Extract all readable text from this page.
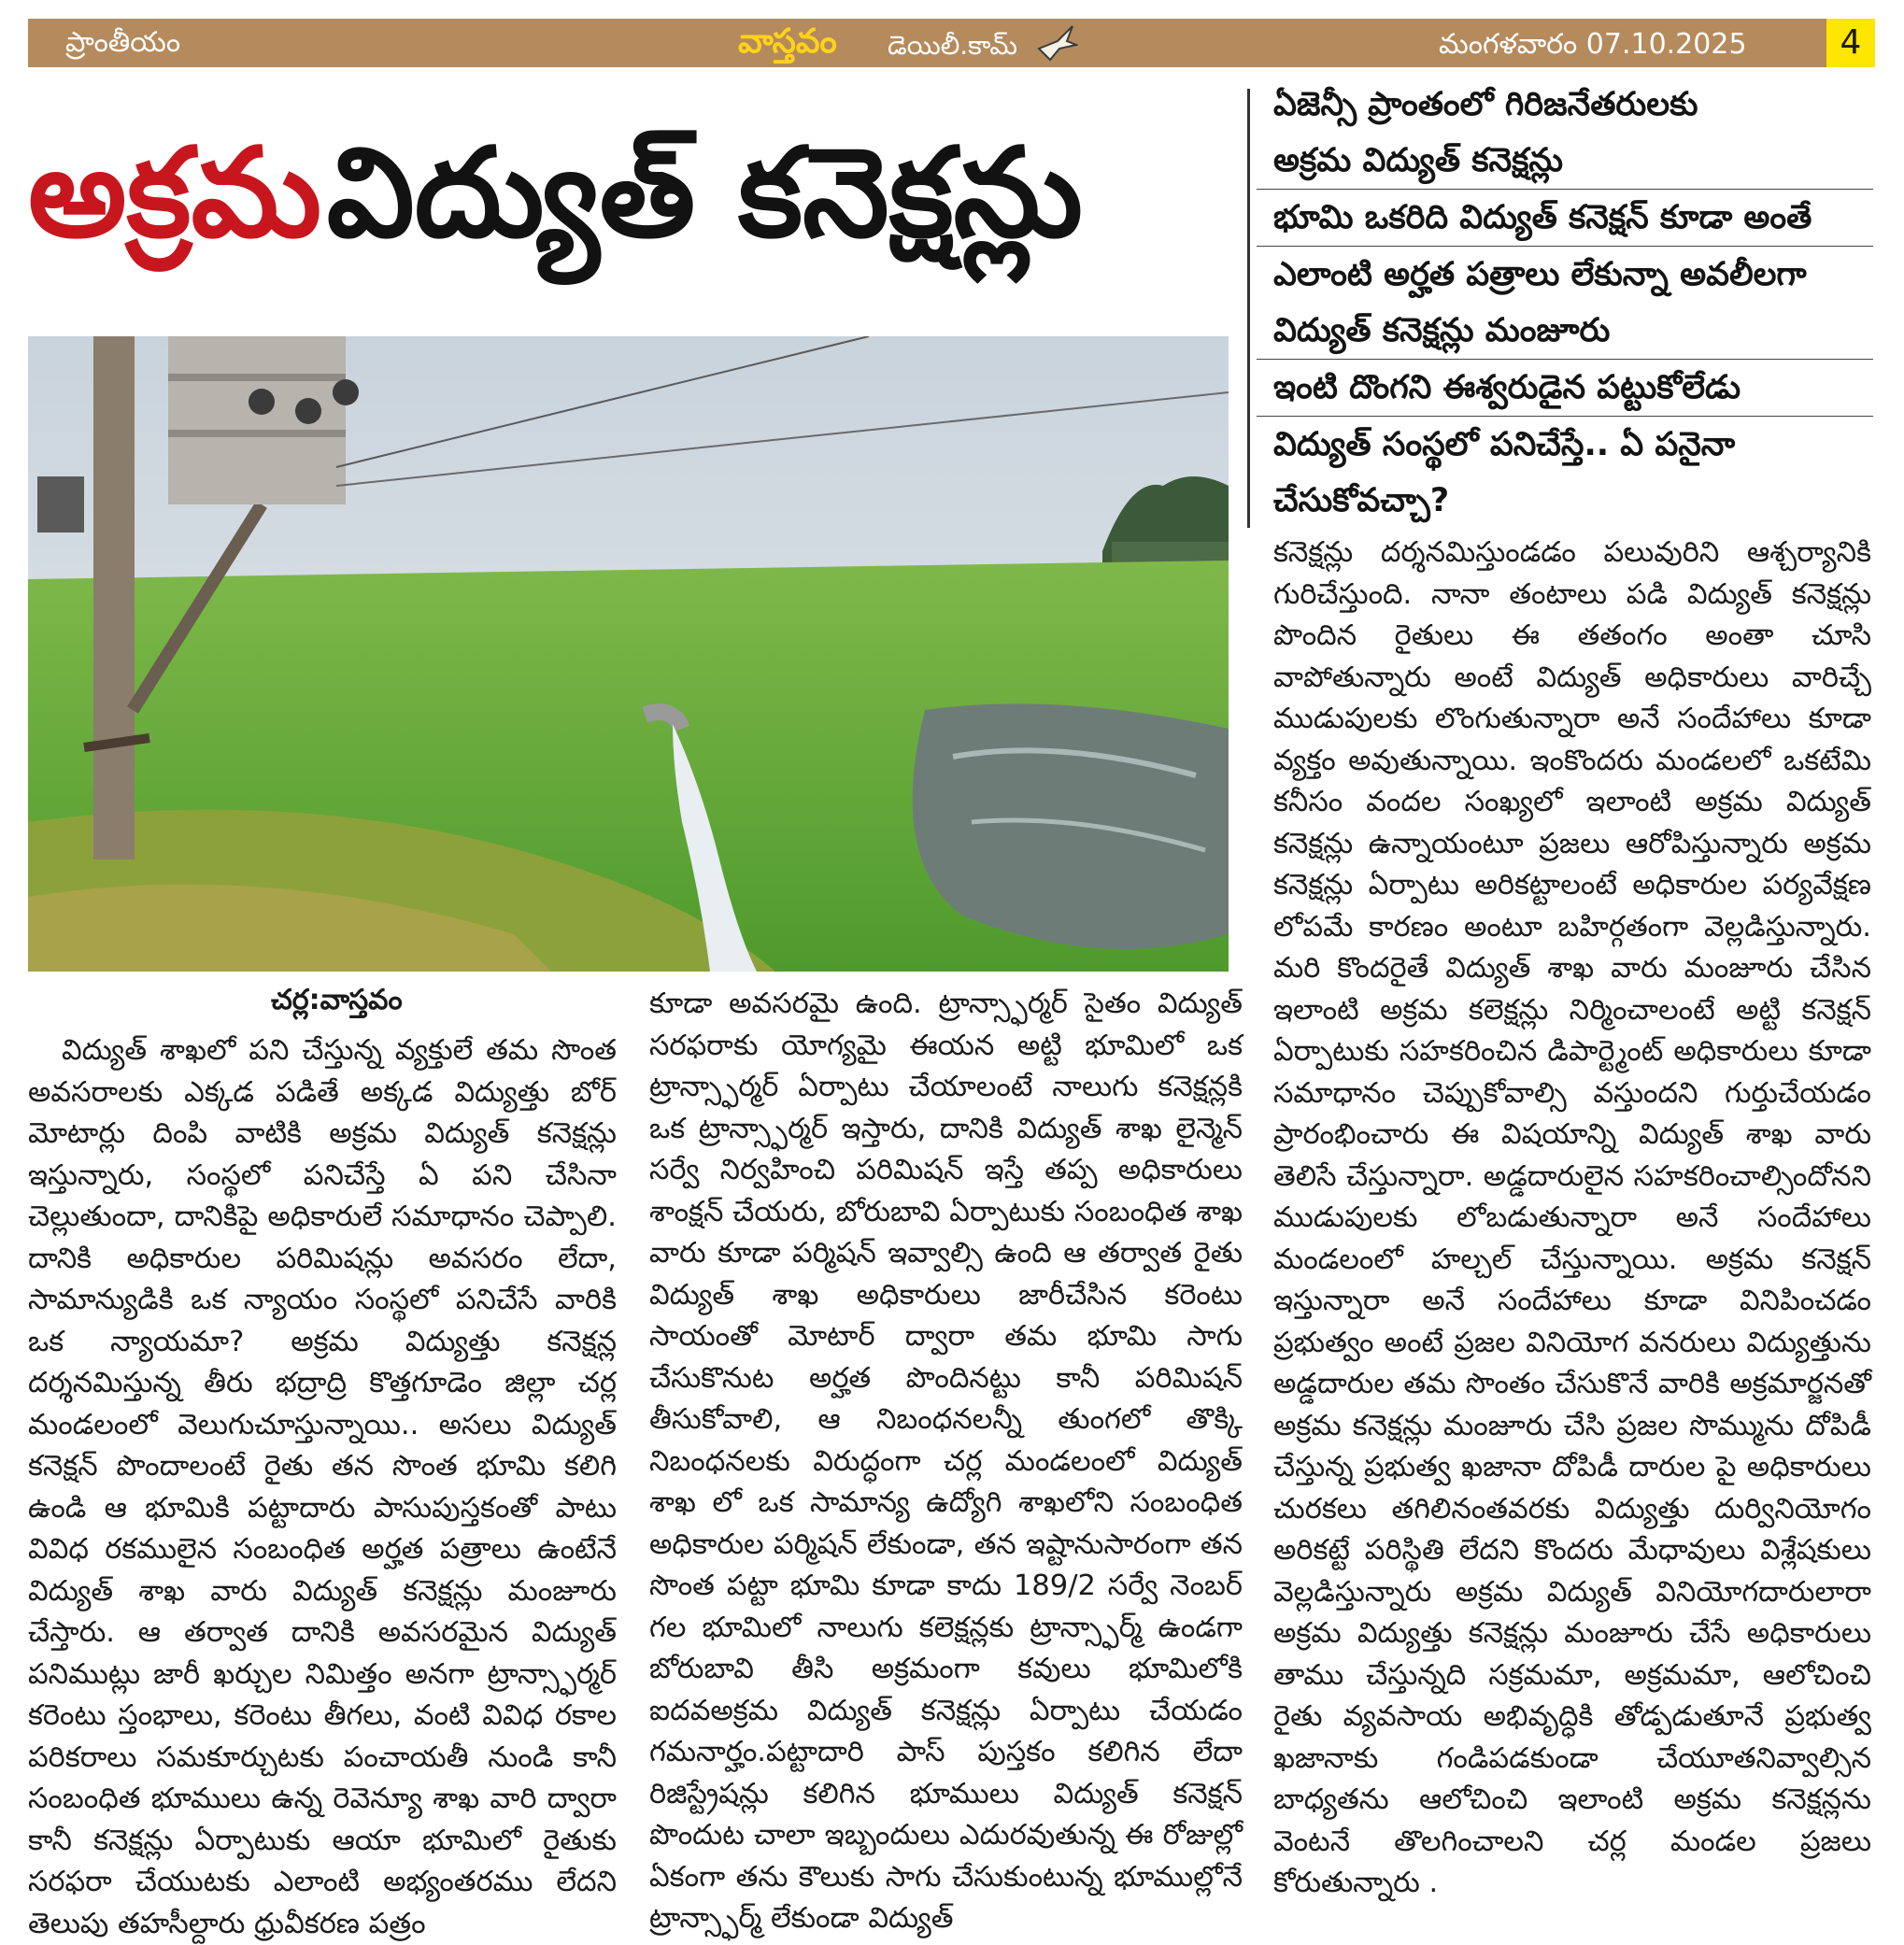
ప్రాంతీయం	వాస్తవం డెయిలీ.కామ్	మంగళవారం 07.10.2025	4
అక్రమ విద్యుత్ కనెక్షన్లు
ఏజెన్సీ ప్రాంతంలో గిరిజనేతరులకు
అక్రమ విద్యుత్ కనెక్షన్లు
భూమి ఒకరిది విద్యుత్ కనెక్షన్ కూడా అంతే
ఎలాంటి అర్హత పత్రాలు లేకున్నా అవలీలగా
విద్యుత్ కనెక్షన్లు మంజూరు
ఇంటి దొంగని ఈశ్వరుడైన పట్టుకోలేడు
విద్యుత్ సంస్థలో పనిచేస్తే.. ఏ పనైనా
చేసుకోవచ్చా?
చర్ల:వాస్తవం
విద్యుత్ శాఖలో పని చేస్తున్న వ్యక్తులే తమ సొంత అవసరాలకు ఎక్కడ పడితే అక్కడ విద్యుత్తు బోర్ మోటార్లు దింపి వాటికి అక్రమ విద్యుత్ కనెక్షన్లు ఇస్తున్నారు, సంస్థలో పనిచేస్తే ఏ పని చేసినా చెల్లుతుందా, దానికిపై అధికారులే సమాధానం చెప్పాలి. దానికి అధికారుల పరిమిషన్లు అవసరం లేదా, సామాన్యుడికి ఒక న్యాయం సంస్థలో పనిచేసే వారికి ఒక న్యాయమా? అక్రమ విద్యుత్తు కనెక్షన్ల దర్శనమిస్తున్న తీరు భద్రాద్రి కొత్తగూడెం జిల్లా చర్ల మండలంలో వెలుగుచూస్తున్నాయి.. అసలు విద్యుత్ కనెక్షన్ పొందాలంటే రైతు తన సొంత భూమి కలిగి ఉండి ఆ భూమికి పట్టాదారు పాసుపుస్తకంతో పాటు వివిధ రకములైన సంబంధిత అర్హత పత్రాలు ఉంటేనే విద్యుత్ శాఖ వారు విద్యుత్ కనెక్షన్లు మంజూరు చేస్తారు. ఆ తర్వాత దానికి అవసరమైన విద్యుత్ పనిముట్లు జారీ ఖర్చుల నిమిత్తం అనగా ట్రాన్స్ఫార్మర్ కరెంటు స్తంభాలు, కరెంటు తీగలు, వంటి వివిధ రకాల పరికరాలు సమకూర్చుటకు పంచాయతీ నుండి కానీ సంబంధిత భూములు ఉన్న రెవెన్యూ శాఖ వారి ద్వారా కానీ కనెక్షన్లు ఏర్పాటుకు ఆయా భూమిలో రైతుకు సరఫరా చేయుటకు ఎలాంటి అభ్యంతరము లేదని తెలుపు తహసీల్దారు ధ్రువీకరణ పత్రం
కూడా అవసరమై ఉంది. ట్రాన్స్ఫార్మర్ సైతం విద్యుత్ సరఫరాకు యోగ్యమై ఈయన అట్టి భూమిలో ఒక ట్రాన్స్ఫార్మర్ ఏర్పాటు చేయాలంటే నాలుగు కనెక్షన్లకి ఒక ట్రాన్స్ఫార్మర్ ఇస్తారు, దానికి విద్యుత్ శాఖ లైన్మెన్ సర్వే నిర్వహించి పరిమిషన్ ఇస్తే తప్ప అధికారులు శాంక్షన్ చేయరు, బోరుబావి ఏర్పాటుకు సంబంధిత శాఖ వారు కూడా పర్మిషన్ ఇవ్వాల్సి ఉంది ఆ తర్వాత రైతు విద్యుత్ శాఖ అధికారులు జారీచేసిన కరెంటు సాయంతో మోటార్ ద్వారా తమ భూమి సాగు చేసుకొనుట అర్హత పొందినట్టు కానీ పరిమిషన్ తీసుకోవాలి, ఆ నిబంధనలన్నీ తుంగలో తొక్కి నిబంధనలకు విరుద్ధంగా చర్ల మండలంలో విద్యుత్ శాఖ లో ఒక సామాన్య ఉద్యోగి శాఖలోని సంబంధిత అధికారుల పర్మిషన్ లేకుండా, తన ఇష్టానుసారంగా తన సొంత పట్టా భూమి కూడా కాదు 189/2 సర్వే నెంబర్ గల భూమిలో నాలుగు కలెక్షన్లకు ట్రాన్స్ఫార్మ్ ఉండగా బోరుబావి తీసి అక్రమంగా కవులు భూమిలోకి ఐదవఅక్రమ విద్యుత్ కనెక్షన్లు ఏర్పాటు చేయడం గమనార్హం.పట్టాదారి పాస్ పుస్తకం కలిగిన లేదా రిజిస్ట్రేషన్లు కలిగిన భూములు విద్యుత్ కనెక్షన్ పొందుట చాలా ఇబ్బందులు ఎదురవుతున్న ఈ రోజుల్లో ఏకంగా తను కౌలుకు సాగు చేసుకుంటున్న భూముల్లోనే ట్రాన్స్ఫార్మ్ లేకుండా విద్యుత్
కనెక్షన్లు దర్శనమిస్తుండడం పలువురిని ఆశ్చర్యానికి గురిచేస్తుంది. నానా తంటాలు పడి విద్యుత్ కనెక్షన్లు పొందిన రైతులు ఈ తతంగం అంతా చూసి వాపోతున్నారు అంటే విద్యుత్ అధికారులు వారిచ్చే ముడుపులకు లొంగుతున్నారా అనే సందేహాలు కూడా వ్యక్తం అవుతున్నాయి. ఇంకొందరు మండలలో ఒకటేమి కనీసం వందల సంఖ్యలో ఇలాంటి అక్రమ విద్యుత్ కనెక్షన్లు ఉన్నాయంటూ ప్రజలు ఆరోపిస్తున్నారు అక్రమ కనెక్షన్లు ఏర్పాటు అరికట్టాలంటే అధికారుల పర్యవేక్షణ లోపమే కారణం అంటూ బహిర్గతంగా వెల్లడిస్తున్నారు. మరి కొందరైతే విద్యుత్ శాఖ వారు మంజూరు చేసిన ఇలాంటి అక్రమ కలెక్షన్లు నిర్మించాలంటే అట్టి కనెక్షన్ ఏర్పాటుకు సహకరించిన డిపార్ట్మెంట్ అధికారులు కూడా సమాధానం చెప్పుకోవాల్సి వస్తుందని గుర్తుచేయడం ప్రారంభించారు ఈ విషయాన్ని విద్యుత్ శాఖ వారు తెలిసే చేస్తున్నారా. అడ్డదారులైన సహకరించాల్సిందోనని ముడుపులకు లోబడుతున్నారా అనే సందేహాలు మండలంలో హల్చల్ చేస్తున్నాయి. అక్రమ కనెక్షన్ ఇస్తున్నారా అనే సందేహాలు కూడా వినిపించడం ప్రభుత్వం అంటే ప్రజల వినియోగ వనరులు విద్యుత్తును అడ్డదారుల తమ సొంతం చేసుకొనే వారికి అక్రమార్జనతో అక్రమ కనెక్షన్లు మంజూరు చేసి ప్రజల సొమ్మును దోపిడీ చేస్తున్న ప్రభుత్వ ఖజానా దోపిడీ దారుల పై అధికారులు చురకలు తగిలినంతవరకు విద్యుత్తు దుర్వినియోగం అరికట్టే పరిస్థితి లేదని కొందరు మేధావులు విశ్లేషకులు వెల్లడిస్తున్నారు అక్రమ విద్యుత్ వినియోగదారులారా అక్రమ విద్యుత్తు కనెక్షన్లు మంజూరు చేసే అధికారులు తాము చేస్తున్నది సక్రమమా, అక్రమమా, ఆలోచించి రైతు వ్యవసాయ అభివృద్ధికి తోడ్పడుతూనే ప్రభుత్వ ఖజానాకు గండిపడకుండా చేయూతనివ్వాల్సిన బాధ్యతను ఆలోచించి ఇలాంటి అక్రమ కనెక్షన్లను వెంటనే తొలగించాలని చర్ల మండల ప్రజలు కోరుతున్నారు .
